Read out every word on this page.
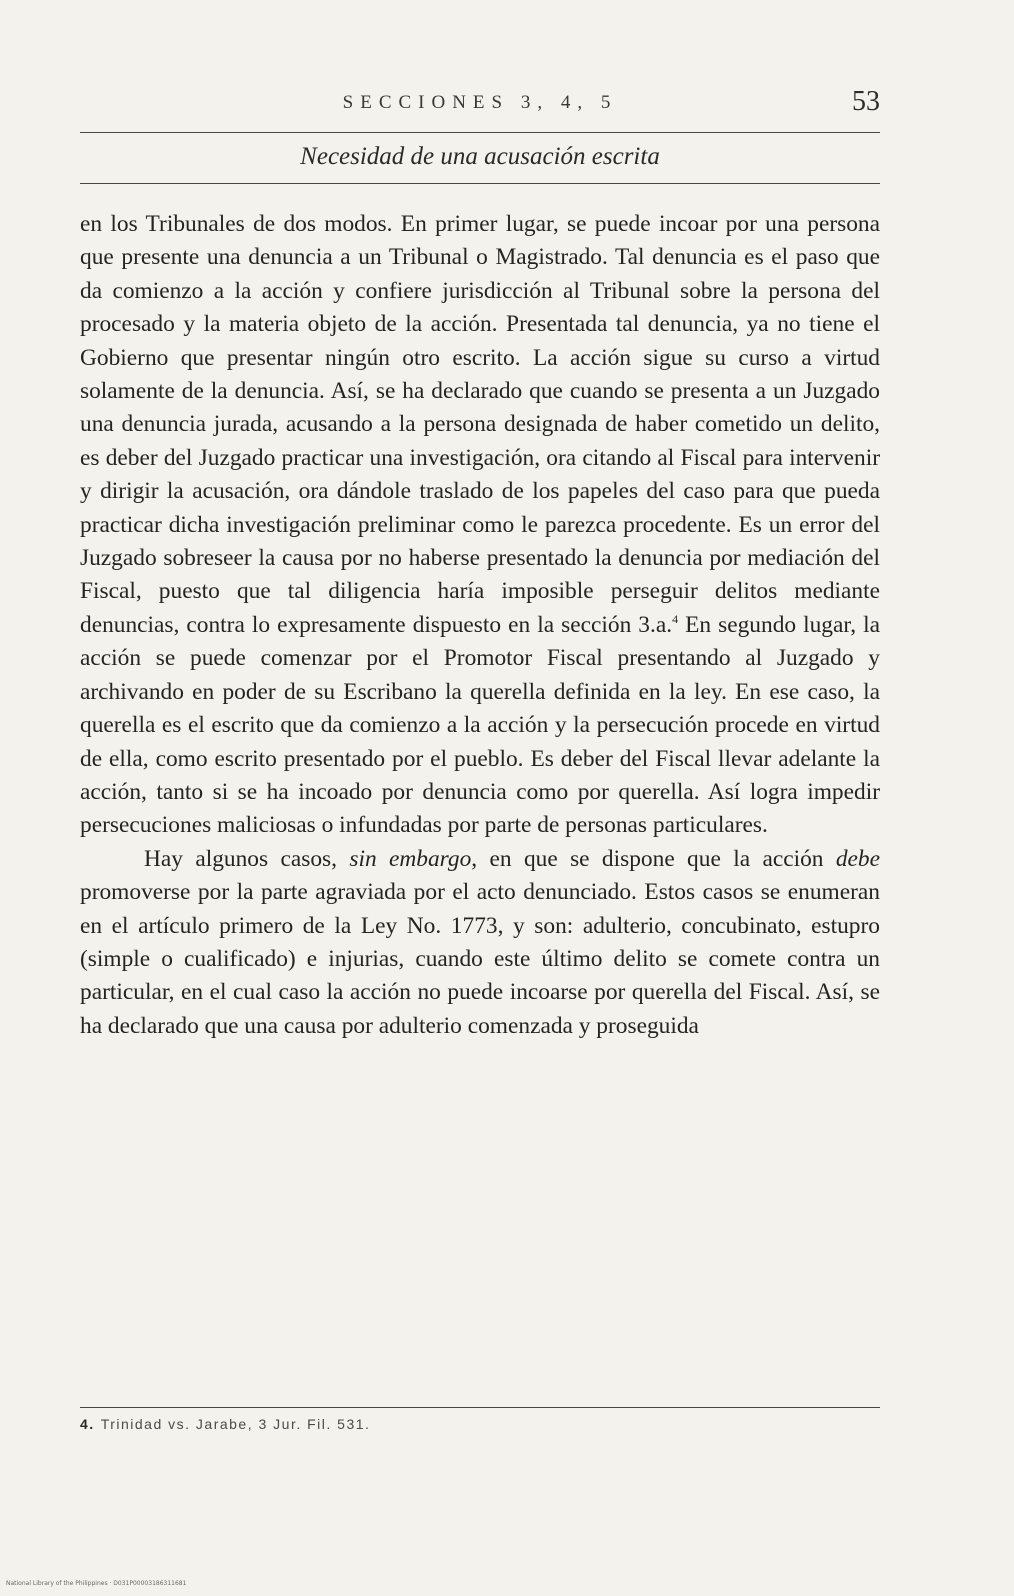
SECCIONES 3, 4, 5	53
Necesidad de una acusación escrita

en los Tribunales de dos modos. En primer lugar, se puede incoar por una persona que presente una denuncia a un Tribunal o Magistrado. Tal denuncia es el paso que da comienzo a la acción y confiere jurisdicción al Tribunal sobre la persona del procesado y la materia objeto de la acción. Presentada tal denuncia, ya no tiene el Gobierno que presentar ningún otro escrito. La acción sigue su curso a virtud solamente de la denuncia. Así, se ha declarado que cuando se presenta a un Juzgado una denuncia jurada, acusando a la persona designada de haber cometido un delito, es deber del Juzgado practicar una investigación, ora citando al Fiscal para intervenir y dirigir la acusación, ora dándole traslado de los papeles del caso para que pueda practicar dicha investigación preliminar como le parezca procedente. Es un error del Juzgado sobreseer la causa por no haberse presentado la denuncia por mediación del Fiscal, puesto que tal diligencia haría imposible perseguir delitos mediante denuncias, contra lo expresamente dispuesto en la sección 3.a.$^4$ En segundo lugar, la acción se puede comenzar por el Promotor Fiscal presentando al Juzgado y archivando en poder de su Escribano la querella definida en la ley. En ese caso, la querella es el escrito que da comienzo a la acción y la persecución procede en virtud de ella, como escrito presentado por el pueblo. Es deber del Fiscal llevar adelante la acción, tanto si se ha incoado por denuncia como por querella. Así logra impedir persecuciones maliciosas o infundadas por parte de personas particulares.

Hay algunos casos, sin embargo, en que se dispone que la acción debe promoverse por la parte agraviada por el acto denunciado. Estos casos se enumeran en el artículo primero de la Ley No. 1773, y son: adulterio, concubinato, estupro (simple o cualificado) e injurias, cuando este último delito se comete contra un particular, en el cual caso la acción no puede incoarse por querella del Fiscal. Así, se ha declarado que una causa por adulterio comenzada y proseguida

4. Trinidad vs. Jarabe, 3 Jur. Fil. 531.
National Library of the Philippines · D031P00003186311681
